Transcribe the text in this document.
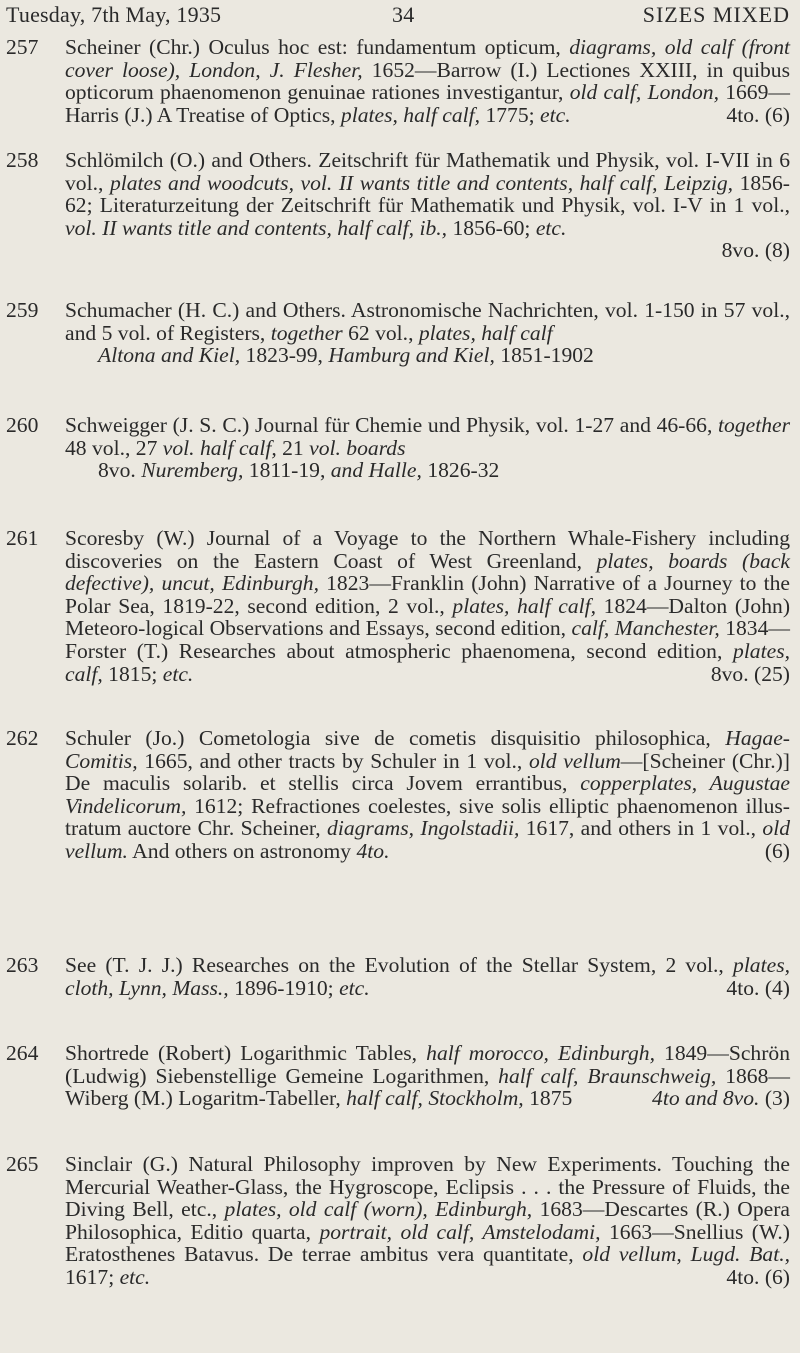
Tuesday, 7th May, 1935	34	SIZES MIXED
257	Scheiner (Chr.) Oculus hoc est: fundamentum opticum, diagrams, old calf (front cover loose), London, J. Flesher, 1652—Barrow (I.) Lectiones XXIII, in quibus opticorum phaenomenon genuinae rationes investigantur, old calf, London, 1669—Harris (J.) A Treatise of Optics, plates, half calf, 1775; etc.	4to. (6)
258	Schlömilch (O.) and Others. Zeitschrift für Mathematik und Physik, vol. I-VII in 6 vol., plates and woodcuts, vol. II wants title and contents, half calf, Leipzig, 1856-62; Literaturzeitung der Zeitschrift für Mathematik und Physik, vol. I-V in 1 vol., vol. II wants title and contents, half calf, ib., 1856-60; etc.
8vo. (8)
259	Schumacher (H. C.) and Others. Astronomische Nachrichten, vol. 1-150 in 57 vol., and 5 vol. of Registers, together 62 vol., plates, half calf
Altona and Kiel, 1823-99, Hamburg and Kiel, 1851-1902
260	Schweigger (J. S. C.) Journal für Chemie und Physik, vol. 1-27 and 46-66, together 48 vol., 27 vol. half calf, 21 vol. boards
8vo. Nuremberg, 1811-19, and Halle, 1826-32
261	Scoresby (W.) Journal of a Voyage to the Northern Whale-Fishery including discoveries on the Eastern Coast of West Greenland, plates, boards (back defective), uncut, Edinburgh, 1823—Franklin (John) Narrative of a Journey to the Polar Sea, 1819-22, second edition, 2 vol., plates, half calf, 1824—Dalton (John) Meteoro-logical Observations and Essays, second edition, calf, Manchester, 1834—Forster (T.) Researches about atmospheric phaenomena, second edition, plates, calf, 1815; etc.	8vo. (25)
262	Schuler (Jo.) Cometologia sive de cometis disquisitio philosophica, Hagae-Comitis, 1665, and other tracts by Schuler in 1 vol., old vellum—[Scheiner (Chr.)] De maculis solarib. et stellis circa Jovem errantibus, copperplates, Augustae Vindelicorum, 1612; Refractiones coelestes, sive solis elliptic phaenomenon illus-tratum auctore Chr. Scheiner, diagrams, Ingolstadii, 1617, and others in 1 vol., old vellum. And others on astronomy 4to.	(6)
263	See (T. J. J.) Researches on the Evolution of the Stellar System, 2 vol., plates, cloth, Lynn, Mass., 1896-1910; etc.	4to. (4)
264	Shortrede (Robert) Logarithmic Tables, half morocco, Edinburgh, 1849—Schrön (Ludwig) Siebenstellige Gemeine Logarithmen, half calf, Braunschweig, 1868—Wiberg (M.) Logaritm-Tabeller, half calf, Stockholm, 1875	4to and 8vo. (3)
265	Sinclair (G.) Natural Philosophy improven by New Experiments. Touching the Mercurial Weather-Glass, the Hygroscope, Eclipsis . . . the Pressure of Fluids, the Diving Bell, etc., plates, old calf (worn), Edinburgh, 1683—Descartes (R.) Opera Philosophica, Editio quarta, portrait, old calf, Amstelodami, 1663—Snellius (W.) Eratosthenes Batavus. De terrae ambitus vera quantitate, old vellum, Lugd. Bat., 1617; etc.	4to. (6)
